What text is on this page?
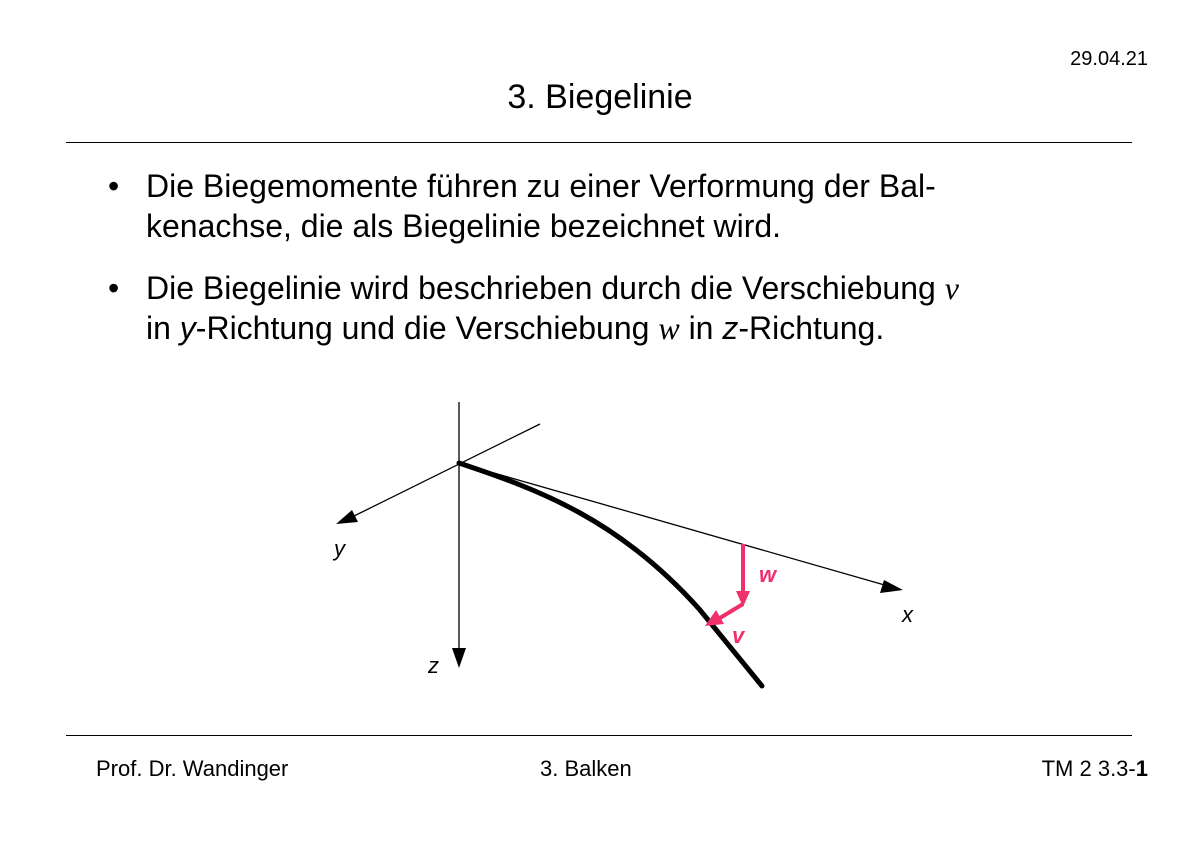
29.04.21
3. Biegelinie
• Die Biegemomente führen zu einer Verformung der Bal-
kenachse, die als Biegelinie bezeichnet wird.
• Die Biegelinie wird beschrieben durch die Verschiebung v
in y-Richtung und die Verschiebung w in z-Richtung.
y
z
x
w
v
Prof. Dr. Wandinger	3. Balken	TM 2 3.3-1
